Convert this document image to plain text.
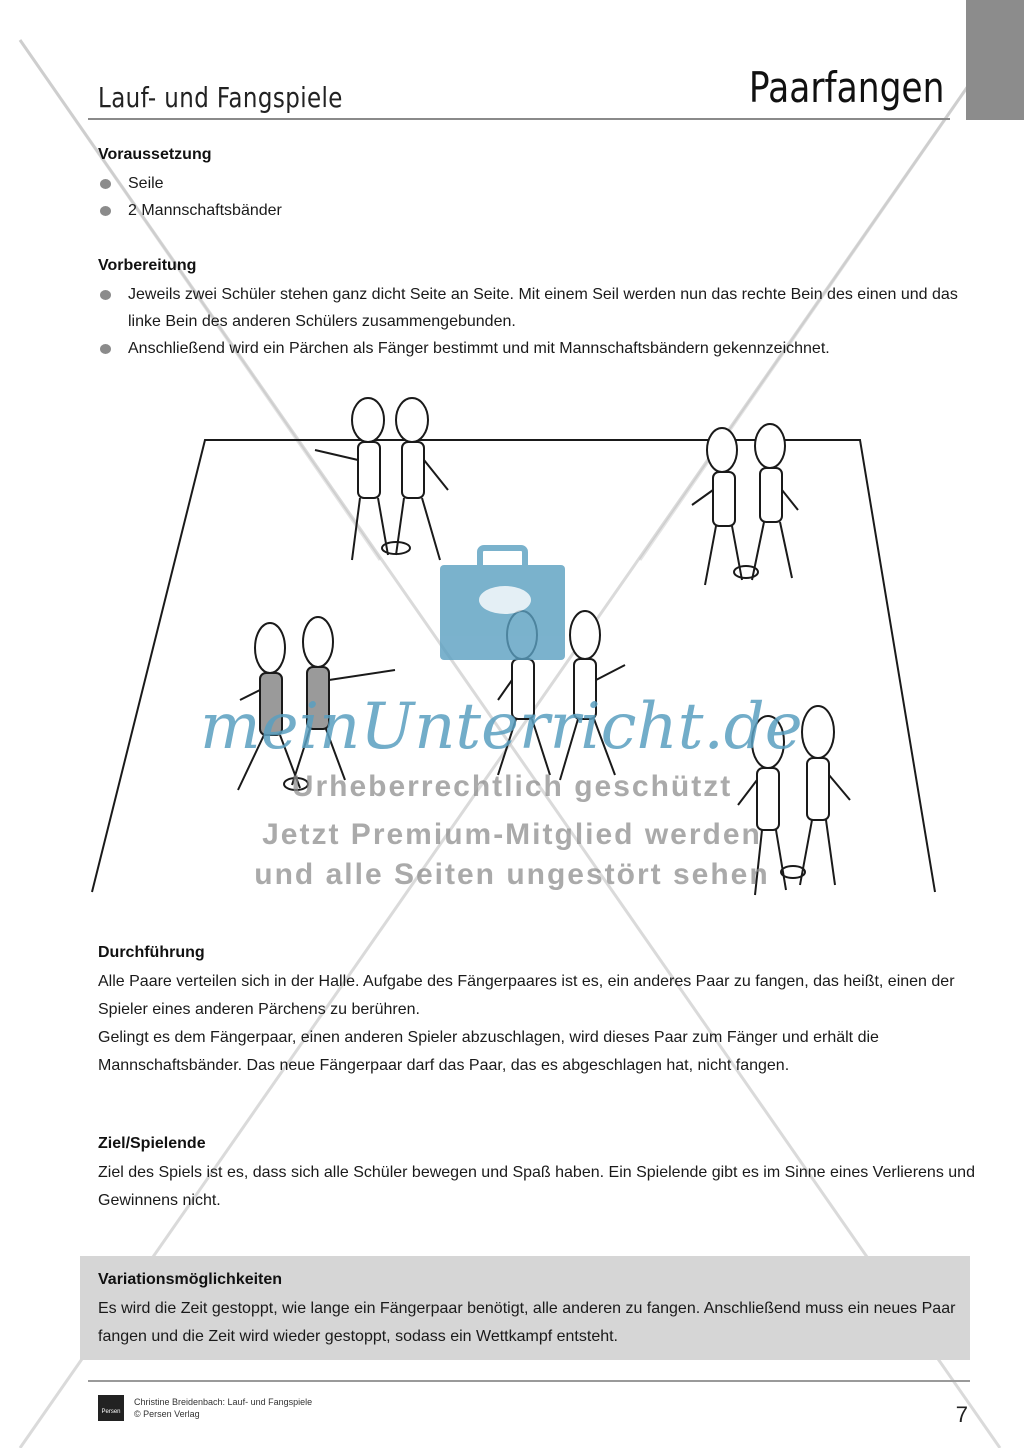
Lauf- und Fangspiele	Paarfangen
Voraussetzung
Seile
2 Mannschaftsbänder
Vorbereitung
Jeweils zwei Schüler stehen ganz dicht Seite an Seite. Mit einem Seil werden nun das rechte Bein des einen und das linke Bein des anderen Schülers zusammengebunden.
Anschließend wird ein Pärchen als Fänger bestimmt und mit Mannschaftsbändern gekennzeichnet.
meinUnterricht.de
Urheberrechtlich geschützt
Jetzt Premium-Mitglied werden
und alle Seiten ungestört sehen
Durchführung

Alle Paare verteilen sich in der Halle. Aufgabe des Fängerpaares ist es, ein anderes Paar zu fangen, das heißt, einen der Spieler eines anderen Pärchens zu berühren.

Gelingt es dem Fängerpaar, einen anderen Spieler abzuschlagen, wird dieses Paar zum Fänger und erhält die Mannschaftsbänder. Das neue Fängerpaar darf das Paar, das es abgeschlagen hat, nicht fangen.

Ziel/Spielende

Ziel des Spiels ist es, dass sich alle Schüler bewegen und Spaß haben. Ein Spielende gibt es im Sinne eines Verlierens und Gewinnens nicht.

Variationsmöglichkeiten

Es wird die Zeit gestoppt, wie lange ein Fängerpaar benötigt, alle anderen zu fangen. Anschließend muss ein neues Paar fangen und die Zeit wird wieder gestoppt, sodass ein Wettkampf entsteht.

Persen
Christine Breidenbach: Lauf- und Fangspiele
© Persen Verlag	7
